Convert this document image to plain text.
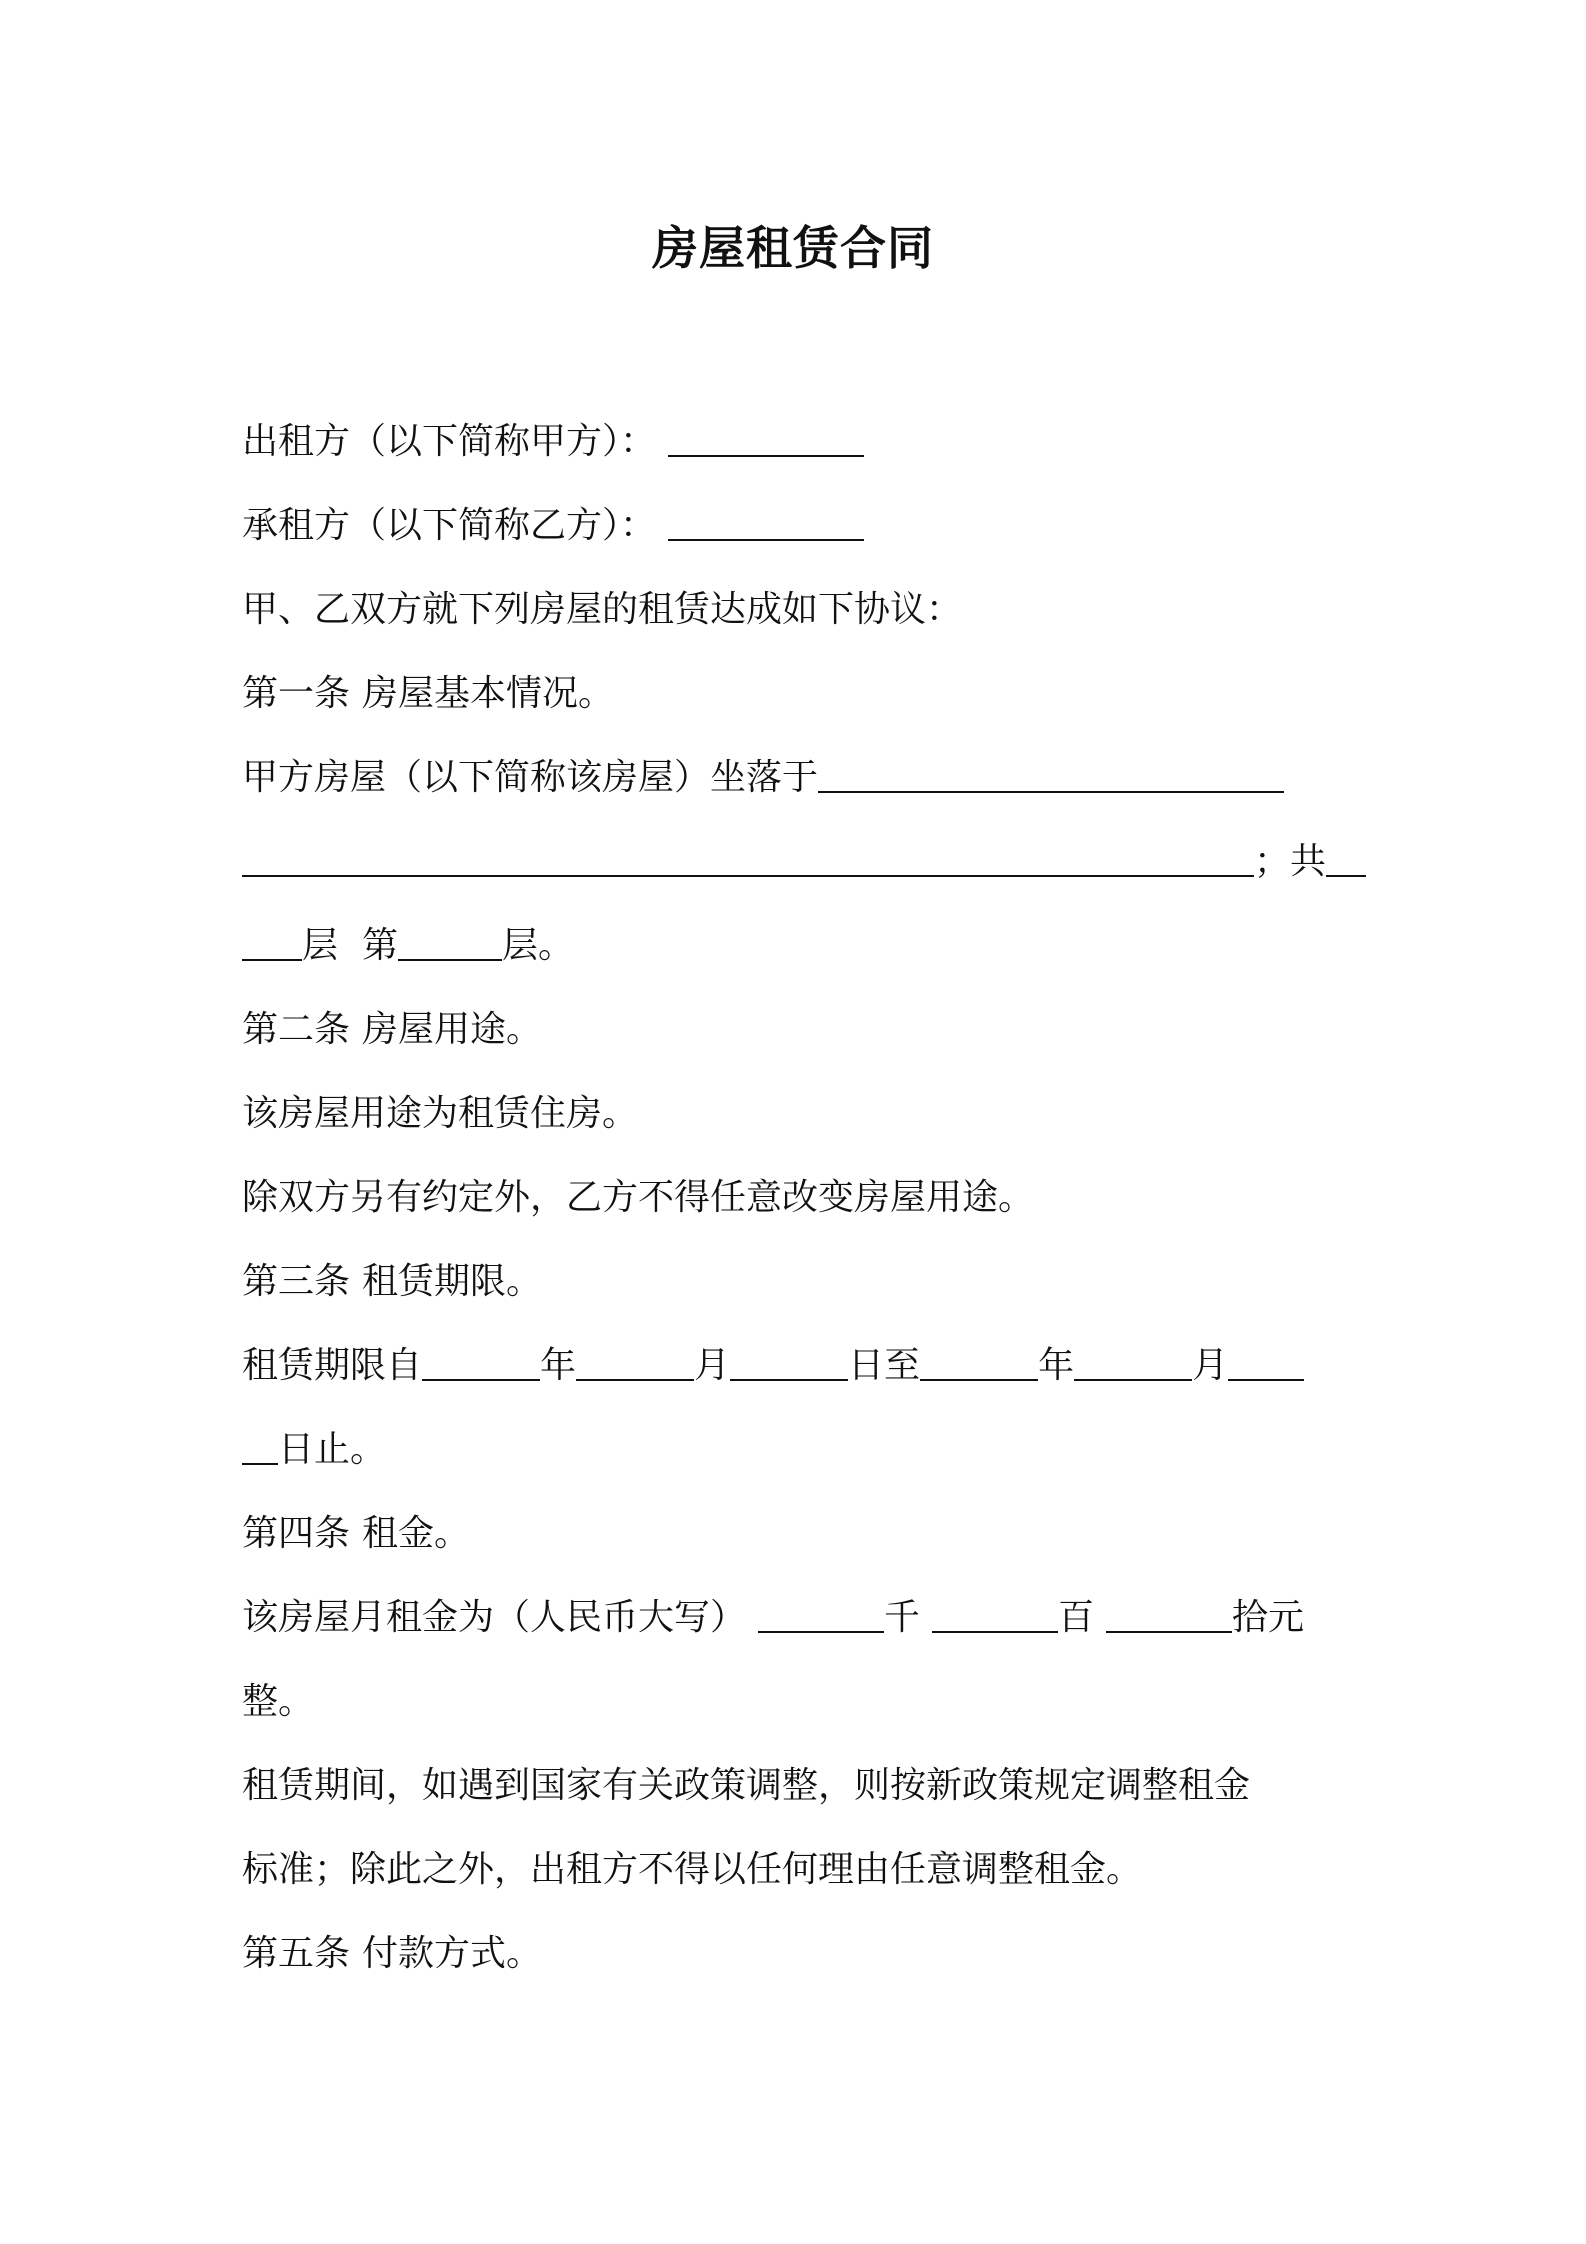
房屋租赁合同
出租方（以下简称甲方）：
承租方（以下简称乙方）：
甲、乙双方就下列房屋的租赁达成如下协议：
第一条 房屋基本情况。
甲方房屋（以下简称该房屋）坐落于
；共
层 第	层。
第二条 房屋用途。
该房屋用途为租赁住房。
除双方另有约定外，乙方不得任意改变房屋用途。
第三条 租赁期限。
租赁期限自	年	月	日至	年	月
日止。
第四条 租金。
该房屋月租金为（人民币大写）	千	百	拾元
整。
租赁期间，如遇到国家有关政策调整，则按新政策规定调整租金
标准；除此之外，出租方不得以任何理由任意调整租金。
第五条 付款方式。
